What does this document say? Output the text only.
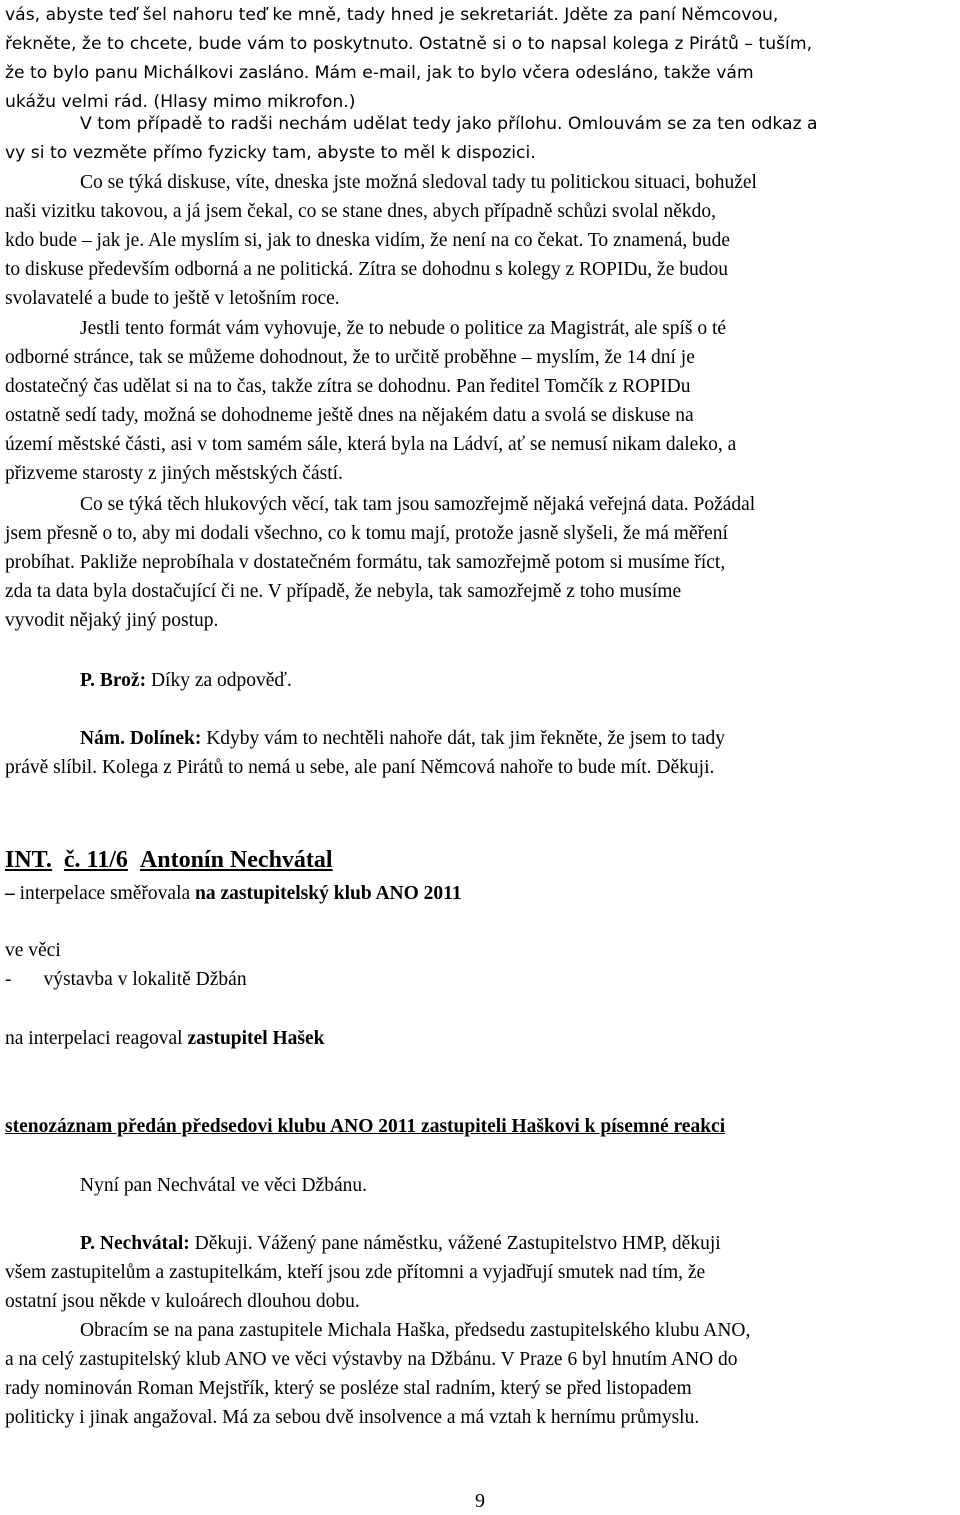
vás, abyste teď šel nahoru teď ke mně, tady hned je sekretariát. Jděte za paní Němcovou,
řekněte, že to chcete, bude vám to poskytnuto. Ostatně si o to napsal kolega z Pirátů – tuším,
že to bylo panu Michálkovi zasláno. Mám e-mail, jak to bylo včera odesláno, takže vám
ukážu velmi rád. (Hlasy mimo mikrofon.)
V tom případě to radši nechám udělat tedy jako přílohu. Omlouvám se za ten odkaz a
vy si to vezměte přímo fyzicky tam, abyste to měl k dispozici.
Co se týká diskuse, víte, dneska jste možná sledoval tady tu politickou situaci, bohužel
naši vizitku takovou, a já jsem čekal, co se stane dnes, abych případně schůzi svolal někdo,
kdo bude – jak je. Ale myslím si, jak to dneska vidím, že není na co čekat. To znamená, bude
to diskuse především odborná a ne politická. Zítra se dohodnu s kolegy z ROPIDu, že budou
svolavatelé a bude to ještě v letošním roce.
Jestli tento formát vám vyhovuje, že to nebude o politice za Magistrát, ale spíš o té
odborné stránce, tak se můžeme dohodnout, že to určitě proběhne – myslím, že 14 dní je
dostatečný čas udělat si na to čas, takže zítra se dohodnu. Pan ředitel Tomčík z ROPIDu
ostatně sedí tady, možná se dohodneme ještě dnes na nějakém datu a svolá se diskuse na
území městské části, asi v tom samém sále, která byla na Ládví, ať se nemusí nikam daleko, a
přizveme starosty z jiných městských částí.
Co se týká těch hlukových věcí, tak tam jsou samozřejmě nějaká veřejná data. Požádal
jsem přesně o to, aby mi dodali všechno, co k tomu mají, protože jasně slyšeli, že má měření
probíhat. Pakliže neprobíhala v dostatečném formátu, tak samozřejmě potom si musíme říct,
zda ta data byla dostačující či ne. V případě, že nebyla, tak samozřejmě z toho musíme
vyvodit nějaký jiný postup.
P. Brož: Díky za odpověď.
Nám. Dolínek: Kdyby vám to nechtěli nahoře dát, tak jim řekněte, že jsem to tady
právě slíbil. Kolega z Pirátů to nemá u sebe, ale paní Němcová nahoře to bude mít. Děkuji.
INT. č. 11/6 Antonín Nechvátal
– interpelace směřovala na zastupitelský klub ANO 2011
ve věci
- výstavba v lokalitě Džbán
na interpelaci reagoval zastupitel Hašek
stenozáznam předán předsedovi klubu ANO 2011 zastupiteli Haškovi k písemné reakci
Nyní pan Nechvátal ve věci Džbánu.
P. Nechvátal: Děkuji. Vážený pane náměstku, vážené Zastupitelstvo HMP, děkuji
všem zastupitelům a zastupitelkám, kteří jsou zde přítomni a vyjadřují smutek nad tím, že
ostatní jsou někde v kuloárech dlouhou dobu.
Obracím se na pana zastupitele Michala Haška, předsedu zastupitelského klubu ANO,
a na celý zastupitelský klub ANO ve věci výstavby na Džbánu. V Praze 6 byl hnutím ANO do
rady nominován Roman Mejstřík, který se posléze stal radním, který se před listopadem
politicky i jinak angažoval. Má za sebou dvě insolvence a má vztah k hernímu průmyslu.
9
